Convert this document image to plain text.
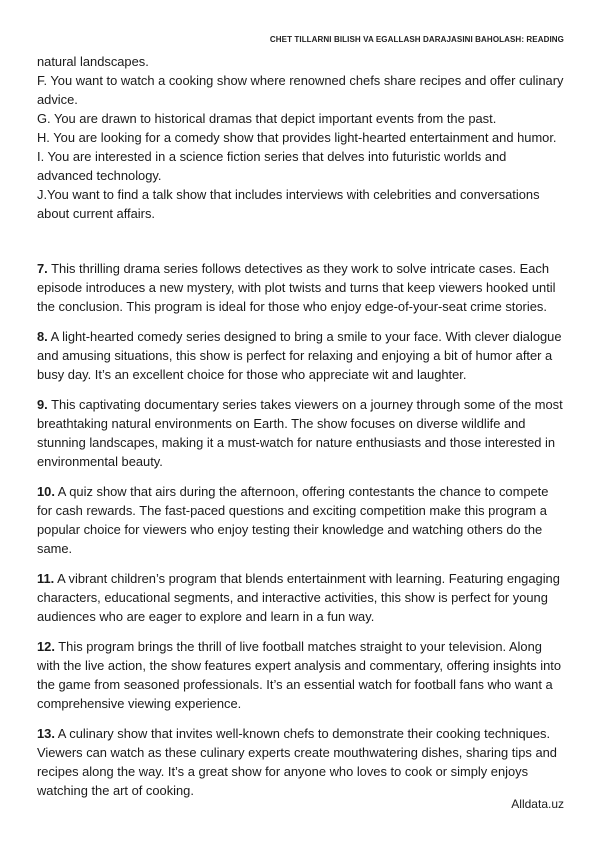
CHET TILLARNI BILISH VA EGALLASH DARAJASINI BAHOLASH: READING

natural landscapes.

F. You want to watch a cooking show where renowned chefs share recipes and offer culinary advice.

G. You are drawn to historical dramas that depict important events from the past.

H. You are looking for a comedy show that provides light-hearted entertainment and humor.

I. You are interested in a science fiction series that delves into futuristic worlds and advanced technology.

J.You want to find a talk show that includes interviews with celebrities and conversations about current affairs.

7. This thrilling drama series follows detectives as they work to solve intricate cases. Each episode introduces a new mystery, with plot twists and turns that keep viewers hooked until the conclusion. This program is ideal for those who enjoy edge-of-your-seat crime stories.

8. A light-hearted comedy series designed to bring a smile to your face. With clever dialogue and amusing situations, this show is perfect for relaxing and enjoying a bit of humor after a busy day. It’s an excellent choice for those who appreciate wit and laughter.

9. This captivating documentary series takes viewers on a journey through some of the most breathtaking natural environments on Earth. The show focuses on diverse wildlife and stunning landscapes, making it a must-watch for nature enthusiasts and those interested in environmental beauty.

10. A quiz show that airs during the afternoon, offering contestants the chance to compete for cash rewards. The fast-paced questions and exciting competition make this program a popular choice for viewers who enjoy testing their knowledge and watching others do the same.

11. A vibrant children’s program that blends entertainment with learning. Featuring engaging characters, educational segments, and interactive activities, this show is perfect for young audiences who are eager to explore and learn in a fun way.

12. This program brings the thrill of live football matches straight to your television. Along with the live action, the show features expert analysis and commentary, offering insights into the game from seasoned professionals. It’s an essential watch for football fans who want a comprehensive viewing experience.

13. A culinary show that invites well-known chefs to demonstrate their cooking techniques. Viewers can watch as these culinary experts create mouthwatering dishes, sharing tips and recipes along the way. It’s a great show for anyone who loves to cook or simply enjoys watching the art of cooking.

Alldata.uz
